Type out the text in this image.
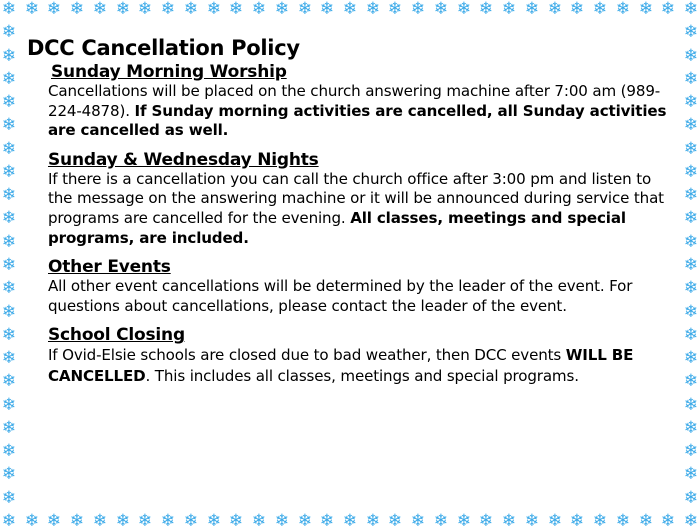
❄
❄
❄
❄
❄
❄
❄
❄
❄
❄
❄
❄
❄
❄
❄
❄
❄
❄
❄
❄
❄
❄
❄
❄
❄
❄
❄
❄
❄
❄
❄
❄
❄
❄
❄
❄
❄
❄
❄
❄
❄
❄
❄
❄
❄
❄
❄
❄
❄
❄
❄
❄
❄
❄
❄
❄
❄
❄
❄
❄
❄
❄
❄	❄
❄	❄
❄	❄
❄	❄
❄	❄
❄	❄
❄	❄
❄	❄
❄	❄
❄	❄
❄	❄
❄	❄
❄	❄
❄	❄
❄	❄
❄	❄
❄	❄
❄	❄
❄	❄
❄	❄
❄	❄
DCC Cancellation Policy
Sunday Morning Worship
Cancellations will be placed on the church answering machine after 7:00 am (989-224-4878). If Sunday morning activities are cancelled, all Sunday activities are cancelled as well.
Sunday & Wednesday Nights
If there is a cancellation you can call the church office after 3:00 pm and listen to the message on the answering machine or it will be announced during service that programs are cancelled for the evening. All classes, meetings and special programs, are included.
Other Events
All other event cancellations will be determined by the leader of the event. For questions about cancellations, please contact the leader of the event.
School Closing
If Ovid-Elsie schools are closed due to bad weather, then DCC events WILL BE CANCELLED. This includes all classes, meetings and special programs.
